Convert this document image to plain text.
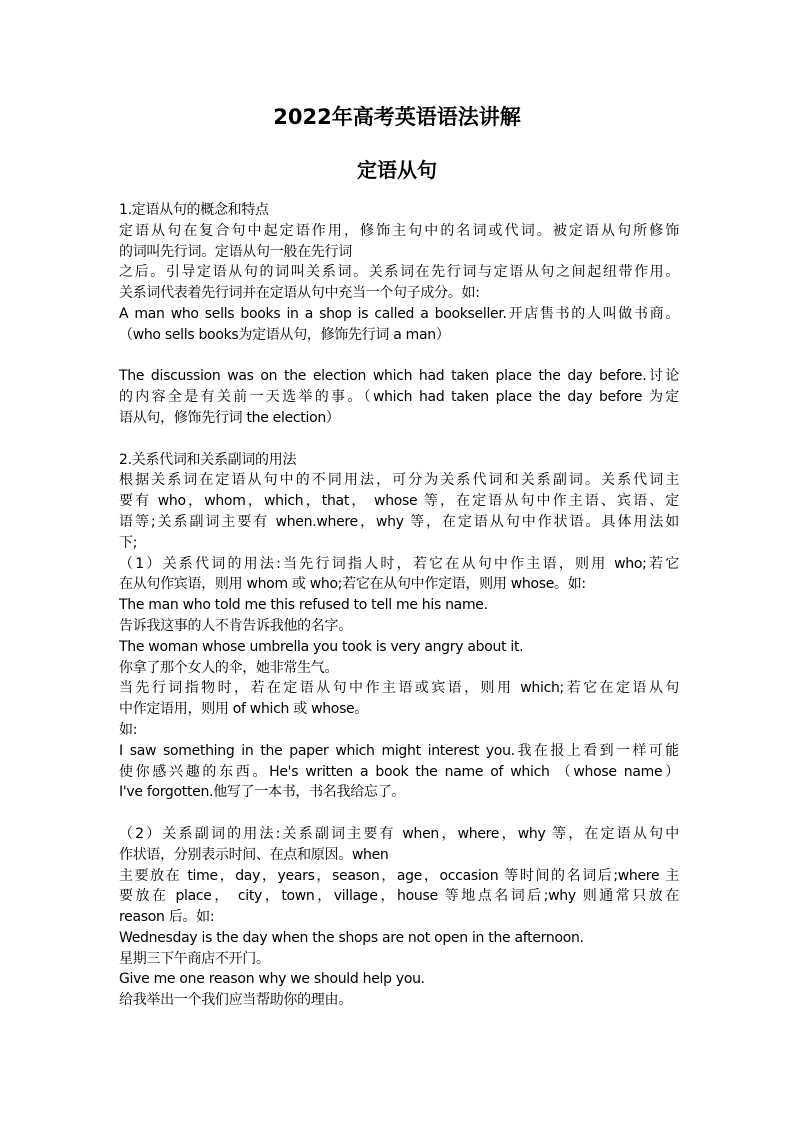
2022年高考英语语法讲解
定语从句

1.定语从句的概念和特点

定语从句在复合句中起定语作用，修饰主句中的名词或代词。被定语从句所修饰

的词叫先行词。定语从句一般在先行词

之后。引导定语从句的词叫关系词。关系词在先行词与定语从句之间起纽带作用。

关系词代表着先行词并在定语从句中充当一个句子成分。如:

A man who sells books in a shop is called a bookseller.开店售书的人叫做书商。

（who sells books为定语从句，修饰先行词 a man）

The discussion was on the election which had taken place the day before.讨论

的内容全是有关前一天选举的事。（which had taken place the day before 为定

语从句，修饰先行词 the election）

2.关系代词和关系副词的用法

根据关系词在定语从句中的不同用法，可分为关系代词和关系副词。关系代词主

要有 who，whom，which，that， whose 等，在定语从句中作主语、宾语、定

语等;关系副词主要有 when.where，why 等，在定语从句中作状语。具体用法如

下;

（1）关系代词的用法:当先行词指人时，若它在从句中作主语，则用 who;若它

在从句作宾语，则用 whom 或 who;若它在从句中作定语，则用 whose。如:

The man who told me this refused to tell me his name.

告诉我这事的人不肯告诉我他的名字。

The woman whose umbrella you took is very angry about it.

你拿了那个女人的伞，她非常生气。

当先行词指物时，若在定语从句中作主语或宾语，则用 which;若它在定语从句

中作定语用，则用 of which 或 whose。

如:

I saw something in the paper which might interest you.我在报上看到一样可能

使你感兴趣的东西。He's written a book the name of which （whose name）

I've forgotten.他写了一本书，书名我给忘了。

（2）关系副词的用法:关系副词主要有 when，where，why 等，在定语从句中

作状语，分别表示时间、在点和原因。when

主要放在 time，day，years，season，age，occasion 等时间的名词后;where 主

要放在 place， city，town，village，house 等地点名词后;why 则通常只放在

reason 后。如:

Wednesday is the day when the shops are not open in the afternoon.

星期三下午商店不开门。

Give me one reason why we should help you.

给我举出一个我们应当帮助你的理由。
